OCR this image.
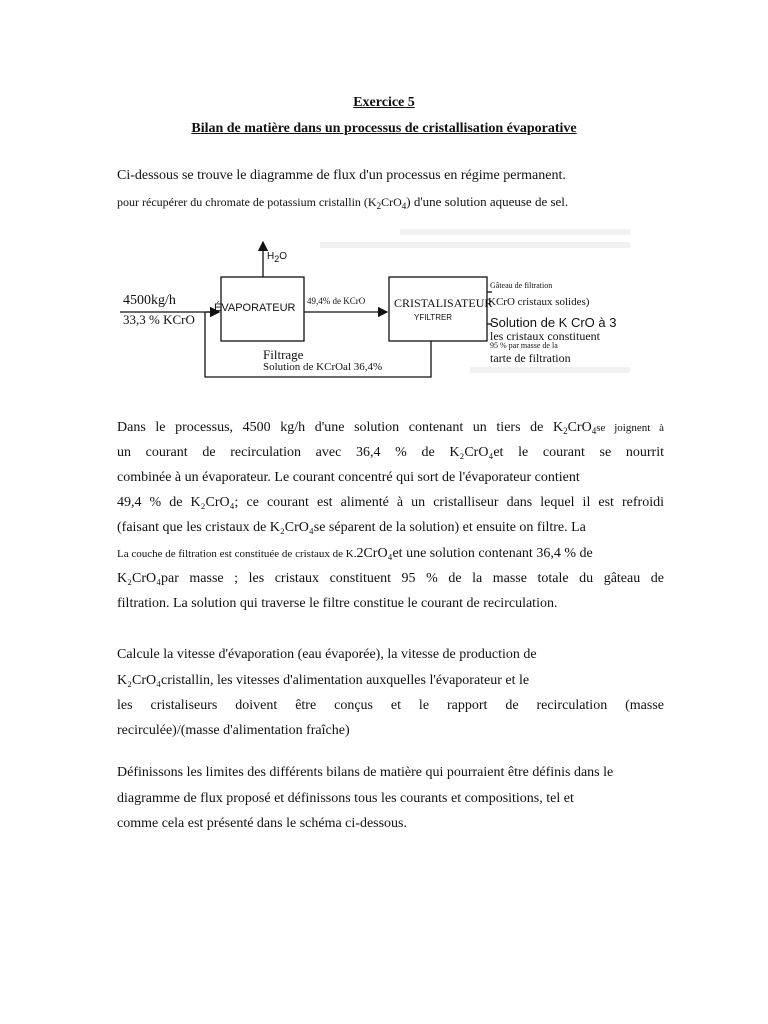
Exercice 5
Bilan de matière dans un processus de cristallisation évaporative
Ci-dessous se trouve le diagramme de flux d'un processus en régime permanent.
pour récupérer du chromate de potassium cristallin $(K_2CrO_4)$ d'une solution aqueuse de sel.
$H_2O$
4500kg/h
33,3 % KCrO
ÉVAPORATEUR
49,4% de KCrO CRISTALISATEUR
YFILTRER
Gâteau de filtration
KCrO cristaux solides)
Solution de K CrO à 3
les cristaux constituent
95 % par masse de la
tarte de filtration
Filtrage
Solution de KCrOal 36,4%
Dans le processus, 4500 kg/h d'une solution contenant un tiers de $K_2CrO_4se$ joignent à
un courant de recirculation avec 36,4 % de K₂CrO₄et le courant se nourrit
combinée à un évaporateur. Le courant concentré qui sort de l'évaporateur contient
49,4 % de K₂CrO₄; ce courant est alimenté à un cristalliseur dans lequel il est refroidi
(faisant que les cristaux de K₂CrO₄se séparent de la solution) et ensuite on filtre. La
La couche de filtration est constituée de cristaux de K.2CrO₄et une solution contenant 36,4 % de
K₂CrO₄par masse ; les cristaux constituent 95 % de la masse totale du gâteau de
filtration. La solution qui traverse le filtre constitue le courant de recirculation.
Calcule la vitesse d'évaporation (eau évaporée), la vitesse de production de
K₂CrO₄cristallin, les vitesses d'alimentation auxquelles l'évaporateur et le
les cristaliseurs doivent être conçus et le rapport de recirculation (masse
recirculée)/(masse d'alimentation fraîche)
Définissons les limites des différents bilans de matière qui pourraient être définis dans le
diagramme de flux proposé et définissons tous les courants et compositions, tel et
comme cela est présenté dans le schéma ci-dessous.
